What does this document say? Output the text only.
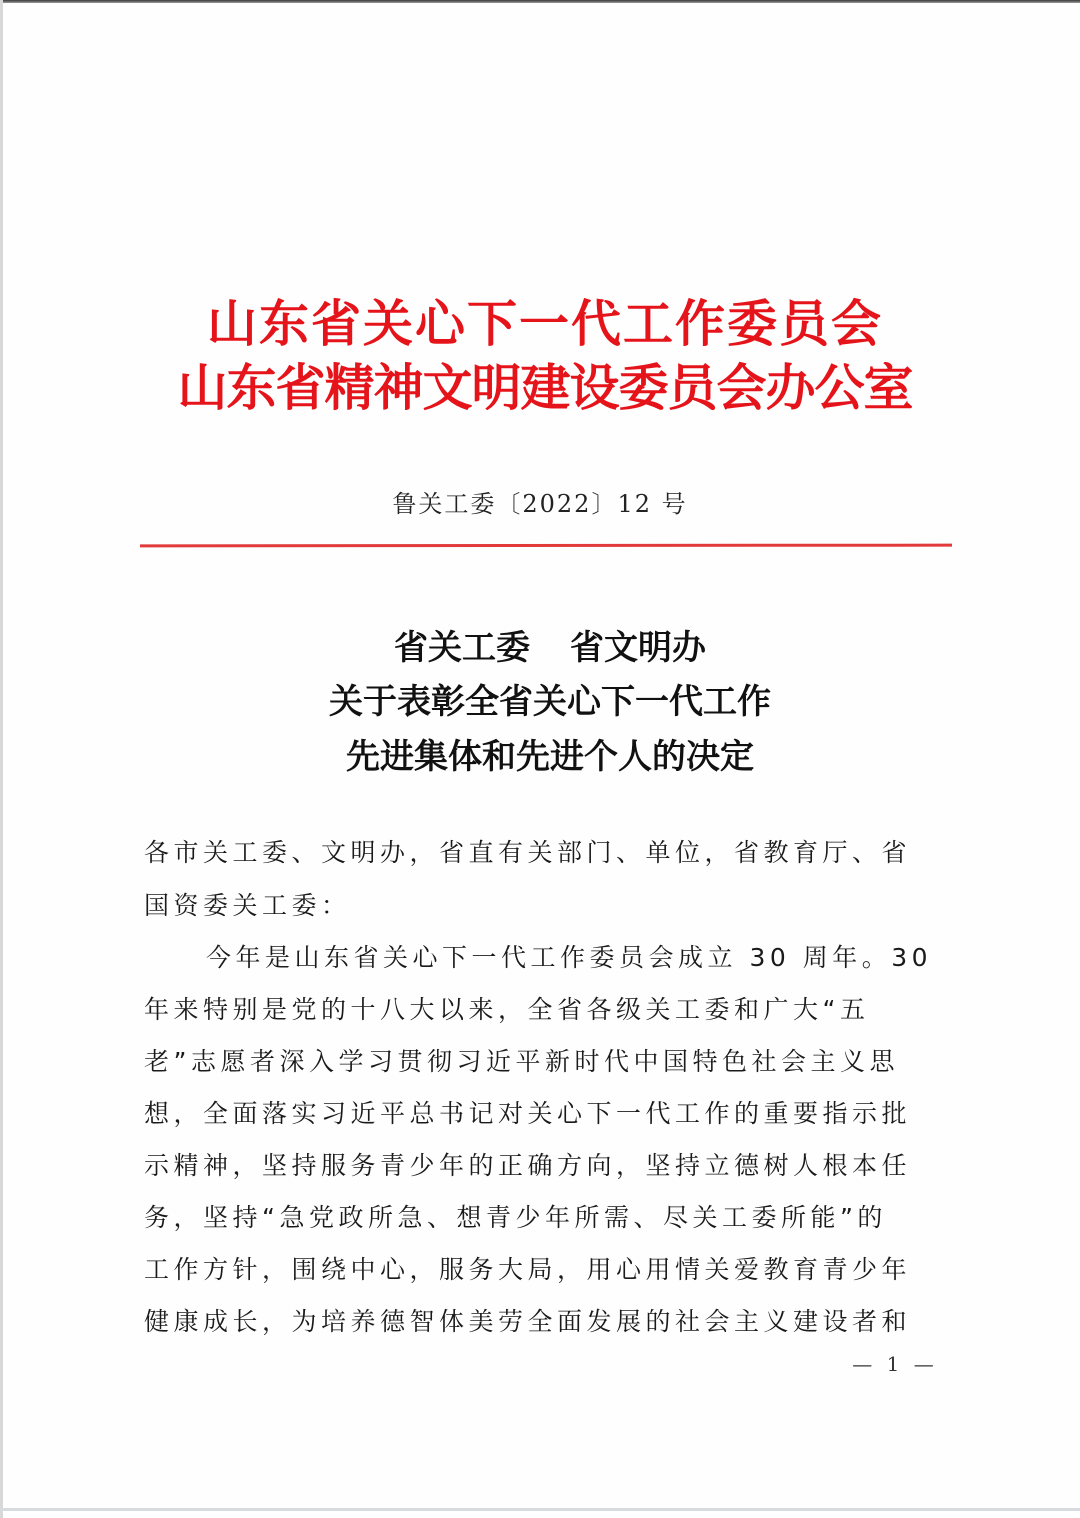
山东省关心下一代工作委员会
山东省精神文明建设委员会办公室
鲁关工委〔2022〕12 号
省关工委 省文明办
关于表彰全省关心下一代工作
先进集体和先进个人的决定
各市关工委、文明办，省直有关部门、单位，省教育厅、省
国资委关工委：
今年是山东省关心下一代工作委员会成立 30 周年。30
年来特别是党的十八大以来，全省各级关工委和广大“五
老”志愿者深入学习贯彻习近平新时代中国特色社会主义思
想，全面落实习近平总书记对关心下一代工作的重要指示批
示精神，坚持服务青少年的正确方向，坚持立德树人根本任
务，坚持“急党政所急、想青少年所需、尽关工委所能”的
工作方针，围绕中心，服务大局，用心用情关爱教育青少年
健康成长，为培养德智体美劳全面发展的社会主义建设者和
— 1 —
